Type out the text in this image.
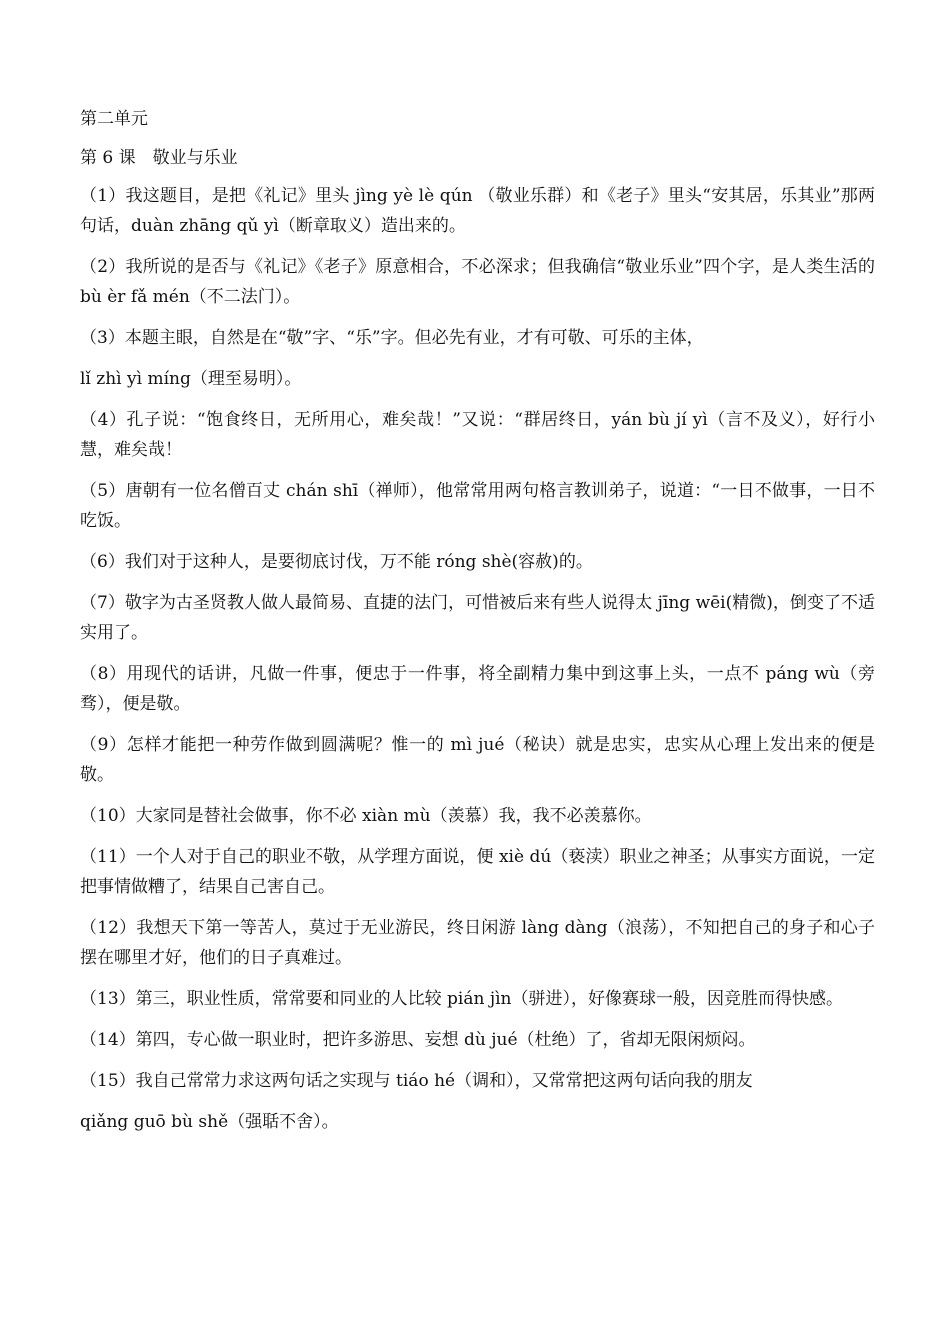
第二单元

第 6 课　敬业与乐业

（1）我这题目，是把《礼记》里头 jìng yè lè qún （敬业乐群）和《老子》里头“安其居，乐其业”那两句话，duàn zhāng qǔ yì（断章取义）造出来的。

（2）我所说的是否与《礼记》《老子》原意相合，不必深求；但我确信“敬业乐业”四个字，是人类生活的 bù èr fǎ mén（不二法门）。

（3）本题主眼，自然是在“敬”字、“乐”字。但必先有业，才有可敬、可乐的主体，

lǐ zhì yì míng（理至易明）。

（4）孔子说：“饱食终日，无所用心，难矣哉！”又说：“群居终日，yán bù jí yì（言不及义），好行小慧，难矣哉！

（5）唐朝有一位名僧百丈 chán shī（禅师），他常常用两句格言教训弟子，说道：“一日不做事，一日不吃饭。

（6）我们对于这种人，是要彻底讨伐，万不能 róng shè(容赦)的。

（7）敬字为古圣贤教人做人最简易、直捷的法门，可惜被后来有些人说得太 jīng wēi(精微)，倒变了不适实用了。

（8）用现代的话讲，凡做一件事，便忠于一件事，将全副精力集中到这事上头，一点不 páng wù（旁骛），便是敬。

（9）怎样才能把一种劳作做到圆满呢？惟一的 mì jué（秘诀）就是忠实，忠实从心理上发出来的便是敬。

（10）大家同是替社会做事，你不必 xiàn mù（羡慕）我，我不必羡慕你。

（11）一个人对于自己的职业不敬，从学理方面说，便 xiè dú（亵渎）职业之神圣；从事实方面说，一定把事情做糟了，结果自己害自己。

（12）我想天下第一等苦人，莫过于无业游民，终日闲游 làng dàng（浪荡），不知把自己的身子和心子摆在哪里才好，他们的日子真难过。

（13）第三，职业性质，常常要和同业的人比较 pián jìn（骈进），好像赛球一般，因竞胜而得快感。

（14）第四，专心做一职业时，把许多游思、妄想 dù jué（杜绝）了，省却无限闲烦闷。

（15）我自己常常力求这两句话之实现与 tiáo hé（调和），又常常把这两句话向我的朋友

qiǎng guō bù shě（强聒不舍）。
